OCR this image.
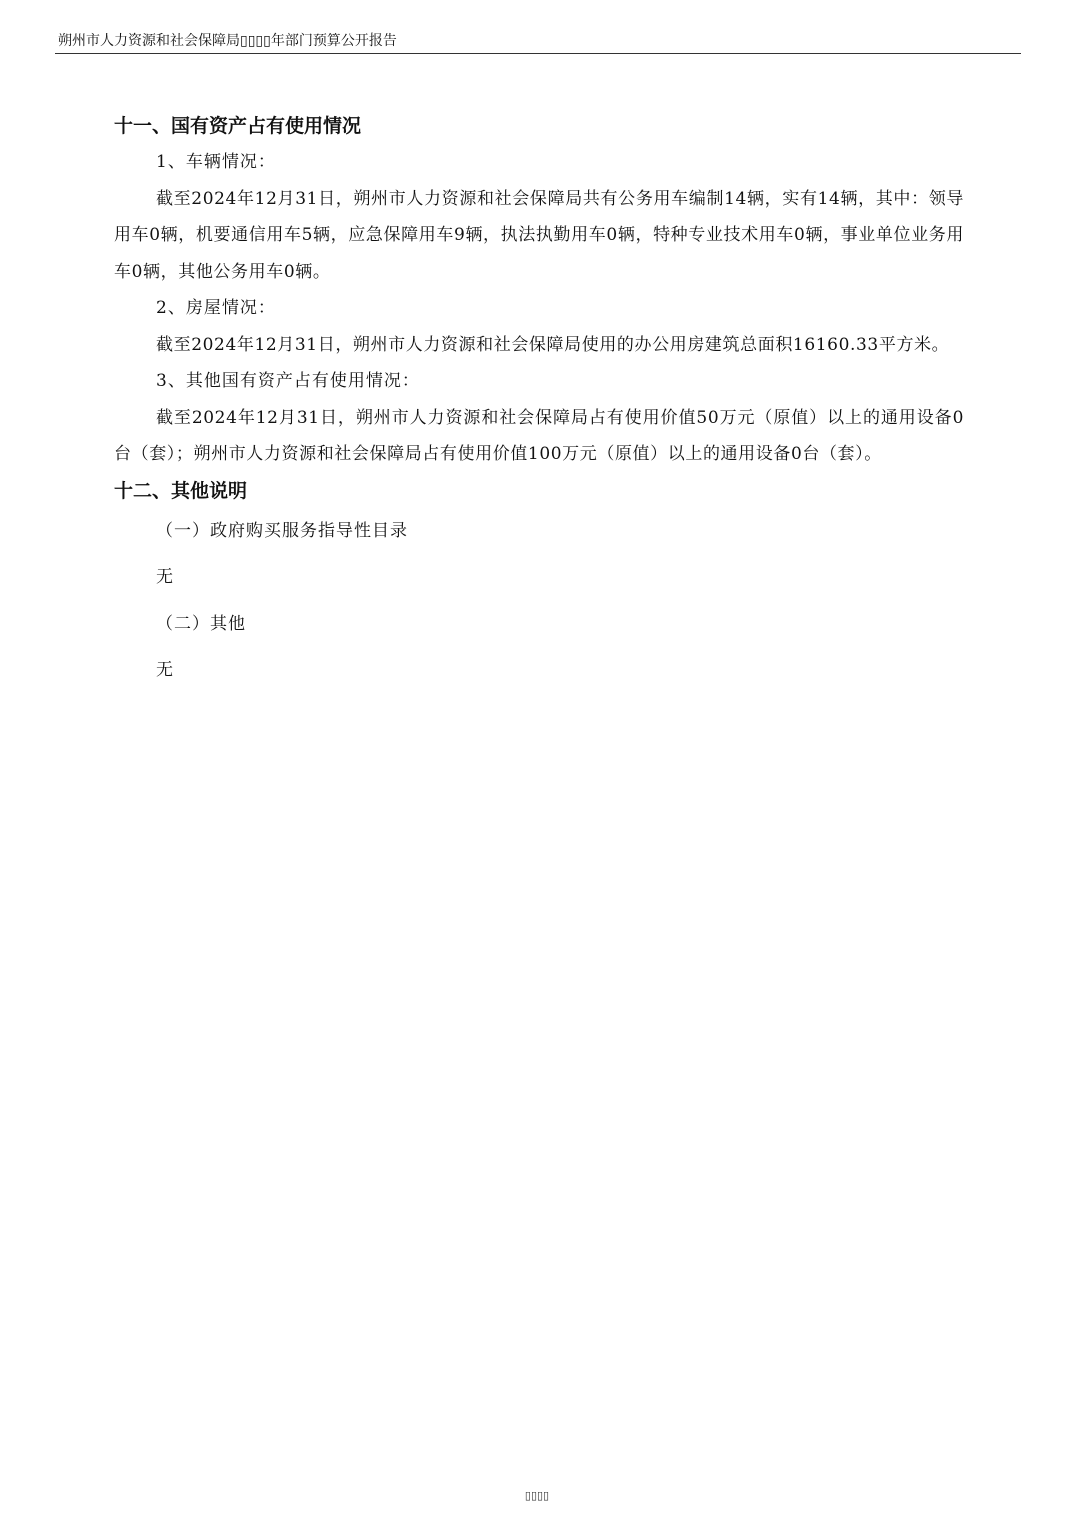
朔州市人力资源和社会保障局▯▯▯▯年部门预算公开报告
十一、国有资产占有使用情况

1、车辆情况：

截至2024年12月31日，朔州市人力资源和社会保障局共有公务用车编制14辆，实有14辆，其中：领导用车0辆，机要通信用车5辆，应急保障用车9辆，执法执勤用车0辆，特种专业技术用车0辆，事业单位业务用车0辆，其他公务用车0辆。

2、房屋情况：

截至2024年12月31日，朔州市人力资源和社会保障局使用的办公用房建筑总面积16160.33平方米。

3、其他国有资产占有使用情况：

截至2024年12月31日，朔州市人力资源和社会保障局占有使用价值50万元（原值）以上的通用设备0台（套）；朔州市人力资源和社会保障局占有使用价值100万元（原值）以上的通用设备0台（套）。

十二、其他说明

（一）政府购买服务指导性目录

无

（二）其他

无

▯▯▯▯
